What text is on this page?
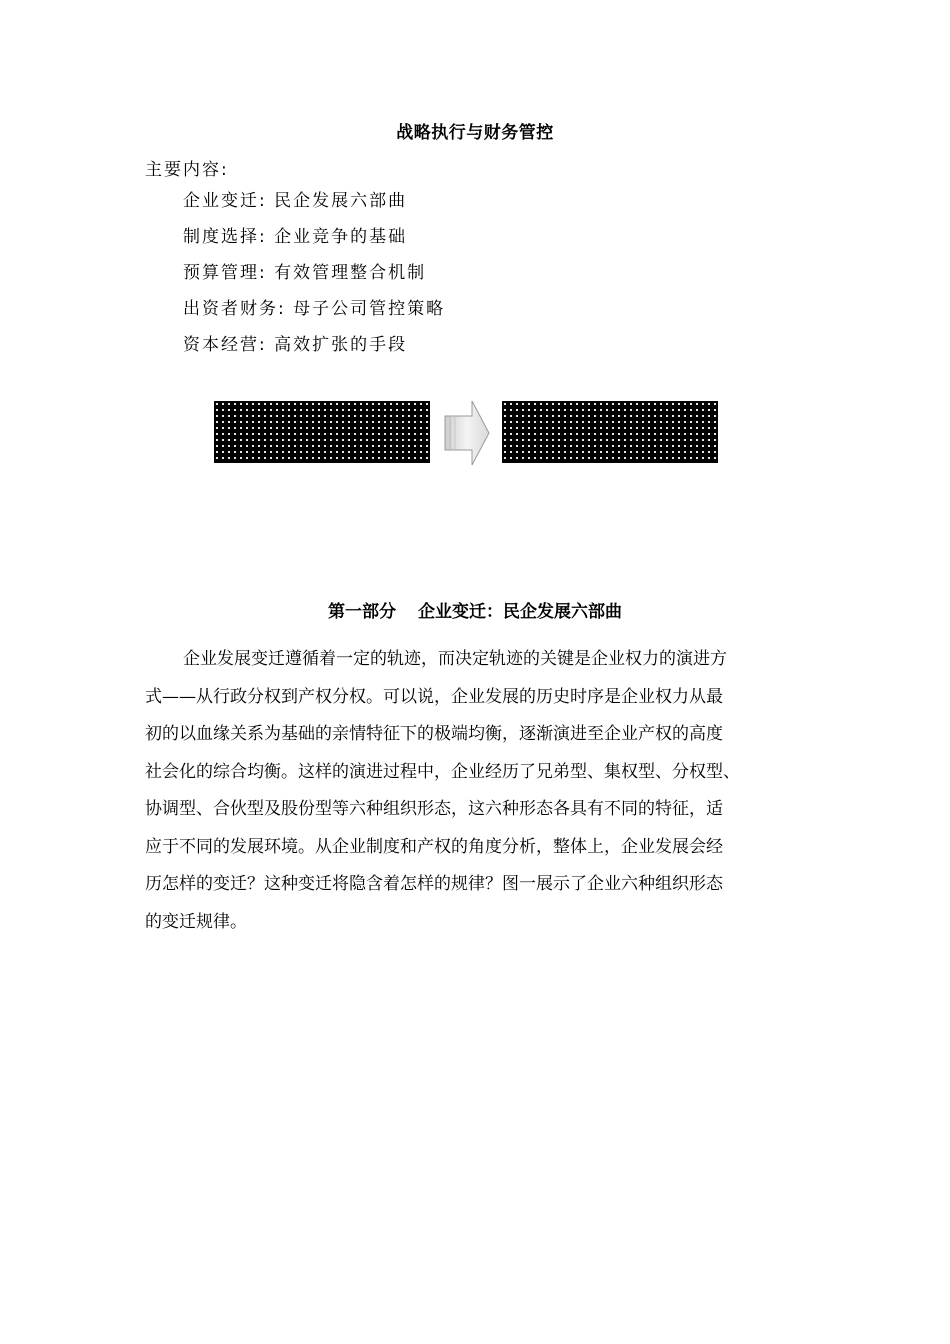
战略执行与财务管控
主要内容:
企业变迁: 民企发展六部曲
制度选择: 企业竞争的基础
预算管理: 有效管理整合机制
出资者财务: 母子公司管控策略
资本经营: 高效扩张的手段
第一部分 企业变迁：民企发展六部曲

企业发展变迁遵循着一定的轨迹，而决定轨迹的关键是企业权力的演进方
式——从行政分权到产权分权。可以说，企业发展的历史时序是企业权力从最
初的以血缘关系为基础的亲情特征下的极端均衡，逐渐演进至企业产权的高度
社会化的综合均衡。这样的演进过程中，企业经历了兄弟型、集权型、分权型、
协调型、合伙型及股份型等六种组织形态，这六种形态各具有不同的特征，适
应于不同的发展环境。从企业制度和产权的角度分析，整体上，企业发展会经
历怎样的变迁？这种变迁将隐含着怎样的规律？图一展示了企业六种组织形态
的变迁规律。
